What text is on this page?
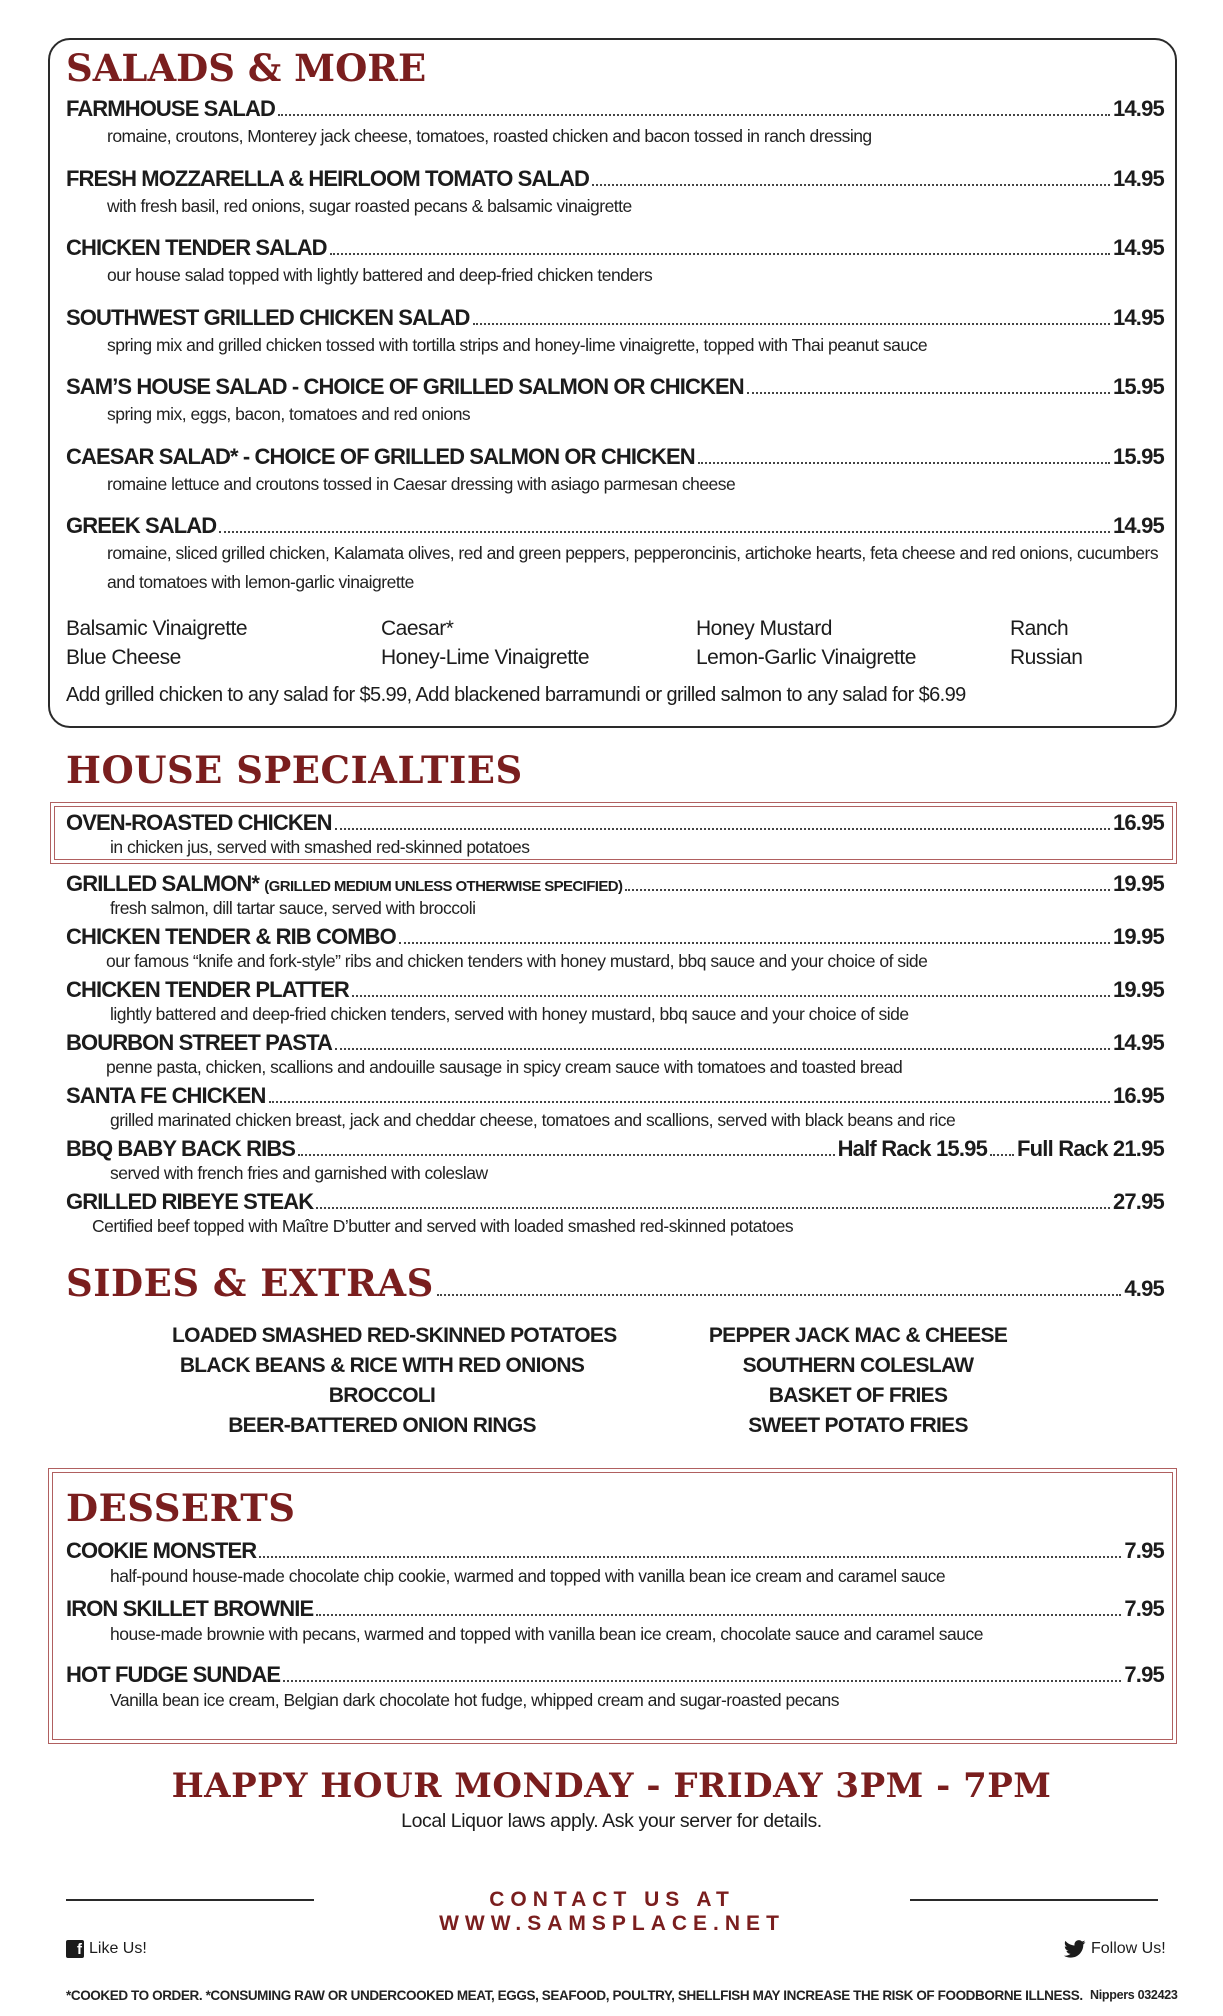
SALADS & MORE
FARMHOUSE SALAD	14.95
romaine, croutons, Monterey jack cheese, tomatoes, roasted chicken and bacon tossed in ranch dressing
FRESH MOZZARELLA & HEIRLOOM TOMATO SALAD	14.95
with fresh basil, red onions, sugar roasted pecans & balsamic vinaigrette
CHICKEN TENDER SALAD	14.95
our house salad topped with lightly battered and deep-fried chicken tenders
SOUTHWEST GRILLED CHICKEN SALAD	14.95
spring mix and grilled chicken tossed with tortilla strips and honey-lime vinaigrette, topped with Thai peanut sauce
SAM’S HOUSE SALAD - CHOICE OF GRILLED SALMON OR CHICKEN	15.95
spring mix, eggs, bacon, tomatoes and red onions
CAESAR SALAD* - CHOICE OF GRILLED SALMON OR CHICKEN	15.95
romaine lettuce and croutons tossed in Caesar dressing with asiago parmesan cheese
GREEK SALAD	14.95
romaine, sliced grilled chicken, Kalamata olives, red and green peppers, pepperoncinis, artichoke hearts, feta cheese and red onions, cucumbers and tomatoes with lemon-garlic vinaigrette
Balsamic Vinaigrette	Caesar*	Honey Mustard	Ranch
Blue Cheese	Honey-Lime Vinaigrette	Lemon-Garlic Vinaigrette	Russian
Add grilled chicken to any salad for $5.99, Add blackened barramundi or grilled salmon to any salad for $6.99
HOUSE SPECIALTIES
OVEN-ROASTED CHICKEN	16.95
in chicken jus, served with smashed red-skinned potatoes
GRILLED SALMON* (GRILLED MEDIUM UNLESS OTHERWISE SPECIFIED)	19.95
fresh salmon, dill tartar sauce, served with broccoli
CHICKEN TENDER & RIB COMBO	19.95
our famous “knife and fork-style” ribs and chicken tenders with honey mustard, bbq sauce and your choice of side
CHICKEN TENDER PLATTER	19.95
lightly battered and deep-fried chicken tenders, served with honey mustard, bbq sauce and your choice of side
BOURBON STREET PASTA	14.95
penne pasta, chicken, scallions and andouille sausage in spicy cream sauce with tomatoes and toasted bread
SANTA FE CHICKEN	16.95
grilled marinated chicken breast, jack and cheddar cheese, tomatoes and scallions, served with black beans and rice
BBQ BABY BACK RIBS	Half Rack 15.95 Full Rack 21.95
served with french fries and garnished with coleslaw
GRILLED RIBEYE STEAK	27.95
Certified beef topped with Maître D’butter and served with loaded smashed red-skinned potatoes
SIDES & EXTRAS	4.95
LOADED SMASHED RED-SKINNED POTATOES
BLACK BEANS & RICE WITH RED ONIONS
BROCCOLI
BEER-BATTERED ONION RINGS
PEPPER JACK MAC & CHEESE
SOUTHERN COLESLAW
BASKET OF FRIES
SWEET POTATO FRIES
DESSERTS
COOKIE MONSTER	7.95
half-pound house-made chocolate chip cookie, warmed and topped with vanilla bean ice cream and caramel sauce
IRON SKILLET BROWNIE	7.95
house-made brownie with pecans, warmed and topped with vanilla bean ice cream, chocolate sauce and caramel sauce
HOT FUDGE SUNDAE	7.95
Vanilla bean ice cream, Belgian dark chocolate hot fudge, whipped cream and sugar-roasted pecans
HAPPY HOUR MONDAY - FRIDAY 3PM - 7PM
Local Liquor laws apply. Ask your server for details.
CONTACT US AT WWW.SAMSPLACE.NET
f Like Us!	Follow Us!
*COOKED TO ORDER. *CONSUMING RAW OR UNDERCOOKED MEAT, EGGS, SEAFOOD, POULTRY, SHELLFISH MAY INCREASE THE RISK OF FOODBORNE ILLNESS. Nippers 032423
